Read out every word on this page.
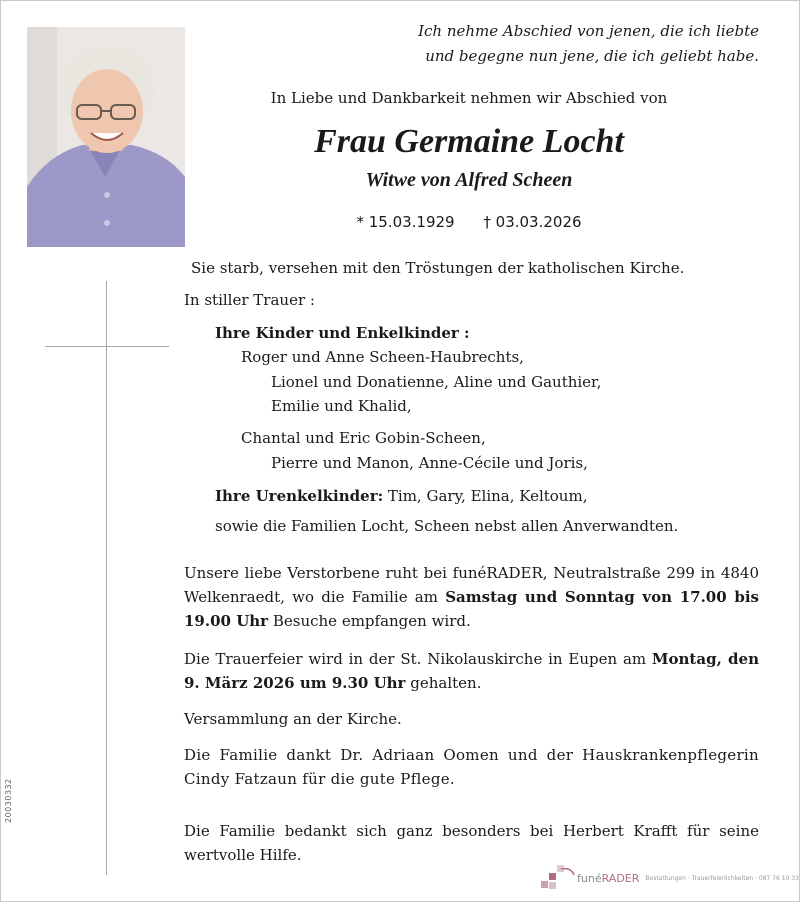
Ich nehme Abschied von jenen, die ich liebte
und begegne nun jene, die ich geliebt habe.
In Liebe und Dankbarkeit nehmen wir Abschied von
Frau Germaine Locht
Witwe von Alfred Scheen
* 15.03.1929 † 03.03.2026
Sie starb, versehen mit den Tröstungen der katholischen Kirche.
In stiller Trauer :
Ihre Kinder und Enkelkinder :
Roger und Anne Scheen-Haubrechts,
Lionel und Donatienne, Aline und Gauthier,
Emilie und Khalid,
Chantal und Eric Gobin-Scheen,
Pierre und Manon, Anne-Cécile und Joris,
Ihre Urenkelkinder: Tim, Gary, Elina, Keltoum,
sowie die Familien Locht, Scheen nebst allen Anverwandten.
Unsere liebe Verstorbene ruht bei funéRADER, Neutralstraße 299 in 4840 Welkenraedt, wo die Familie am Samstag und Sonntag von 17.00 bis 19.00 Uhr Besuche empfangen wird.
Die Trauerfeier wird in der St. Nikolauskirche in Eupen am Montag, den 9. März 2026 um 9.30 Uhr gehalten.
Versammlung an der Kirche.
Die Familie dankt Dr. Adriaan Oomen und der Hauskrankenpflegerin Cindy Fatzaun für die gute Pflege.
Die Familie bedankt sich ganz besonders bei Herbert Krafft für seine wertvolle Hilfe.
20030332
funéRADER Bestattungen · Trauerfeierlichkeiten · 087 76 10 33
